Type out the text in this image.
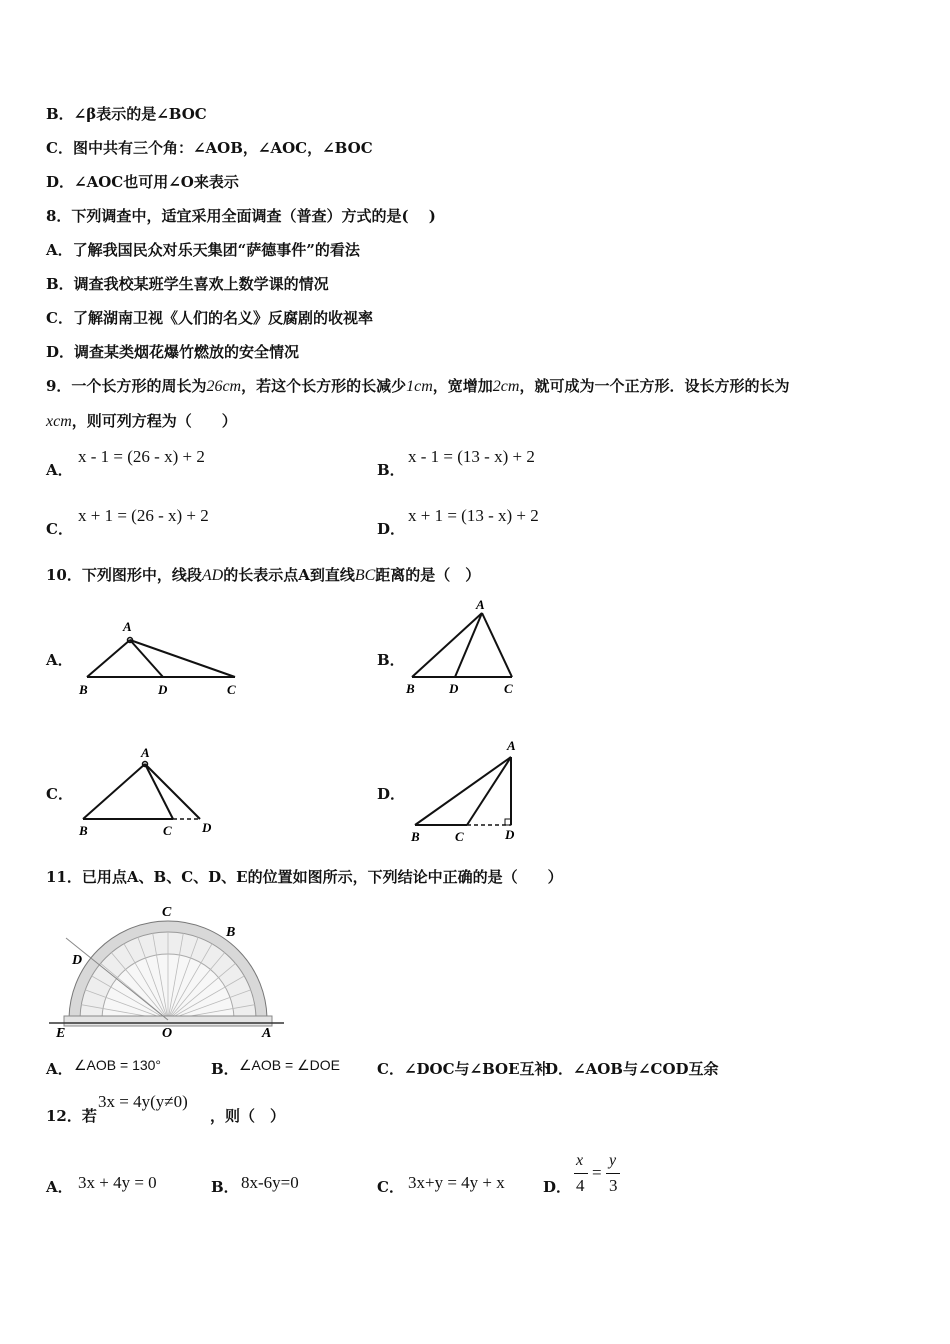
B．∠β表示的是∠BOC
C．图中共有三个角：∠AOB，∠AOC，∠BOC
D．∠AOC也可用∠O来表示
8．下列调查中，适宜采用全面调查（普查）方式的是(　 )
A．了解我国民众对乐天集团“萨德事件”的看法
B．调查我校某班学生喜欢上数学课的情况
C．了解湖南卫视《人们的名义》反腐剧的收视率
D．调查某类烟花爆竹燃放的安全情况
9．一个长方形的周长为26cm，若这个长方形的长减少1cm，宽增加2cm，就可成为一个正方形．设长方形的长为
xcm，则可列方程为（　　）
A．
x - 1 = (26 - x) + 2
B．
x - 1 = (13 - x) + 2
C．
x + 1 = (26 - x) + 2
D．
x + 1 = (13 - x) + 2
10．下列图形中，线段AD的长表示点A到直线BC距离的是（　）
A．
A
B	D	C
B．
A
B	D	C
C．
A
B	C D
D．
A
B	C	D
11．已用点A、B、C、D、E的位置如图所示，下列结论中正确的是（　　）
C
B
D
E	O	A
A． ∠AOB = 130°	B． ∠AOB = ∠DOE C．∠DOC与∠BOE互补
D．∠AOB与∠COD互余
12．若
3x = 4y(y≠0)
，则（　）
A． 3x + 4y = 0	B． 8x-6y=0	C． 3x+y = 4y + x	D．
x
4
=
y
3
